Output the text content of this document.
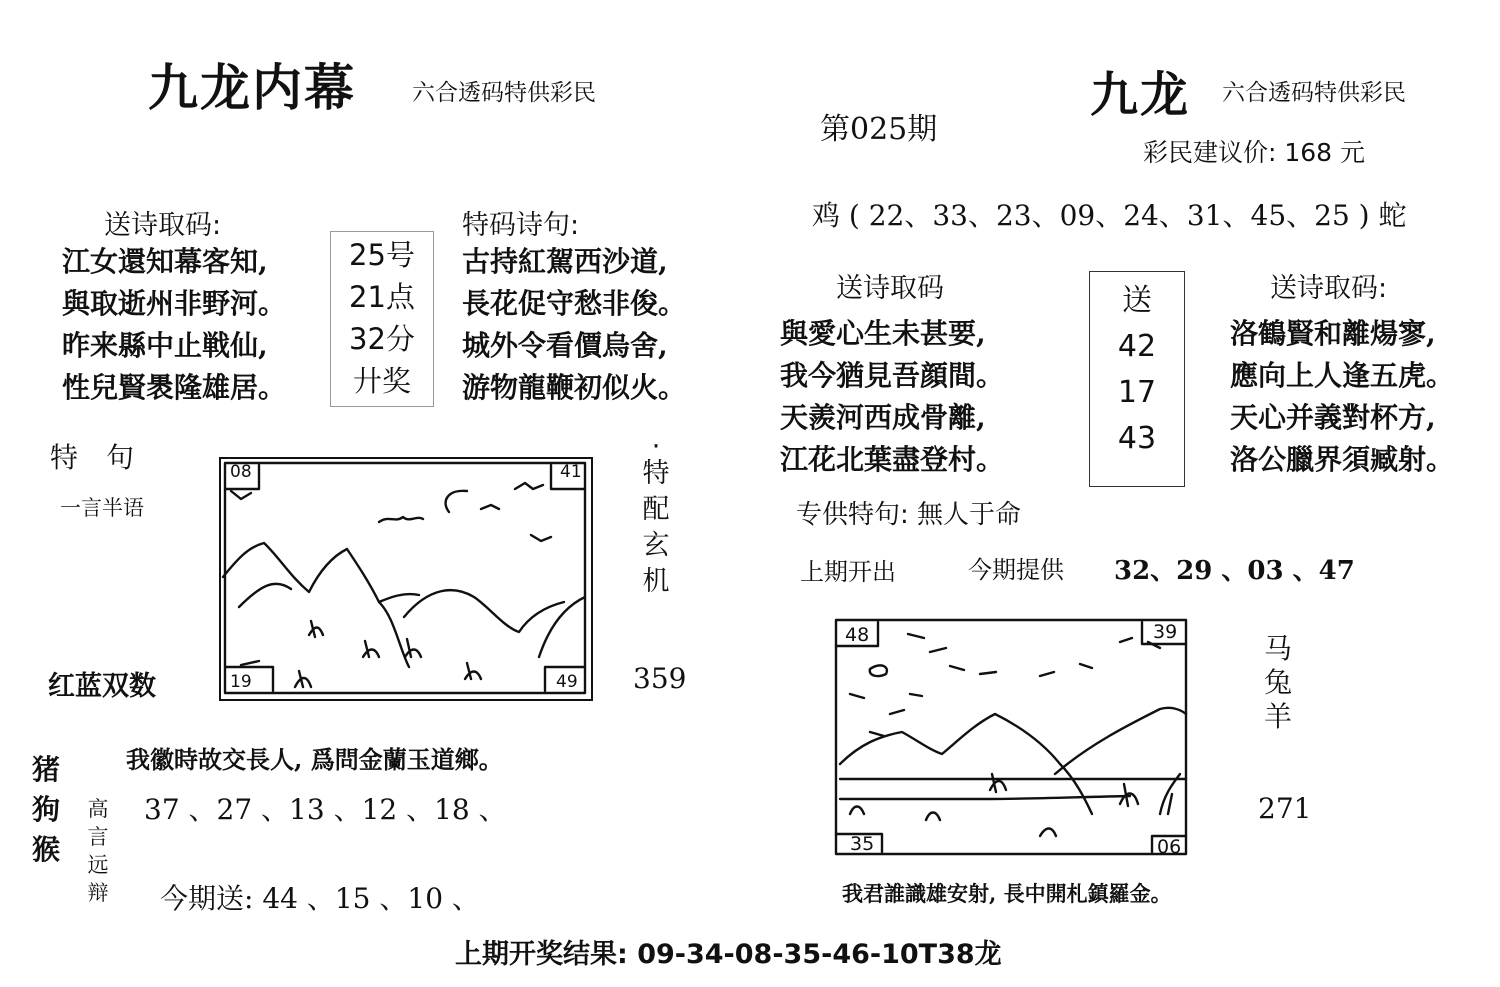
九龙内幕 六合透码特供彩民
送诗取码:
江女還知幕客知,
與取逝州非野河。
昨来縣中止戦仙,
性兒賢褁隆雄居。
25号
21点
32分
廾奖
特码诗句:
古持紅駕西沙道,
長花促守愁非俊。
城外令看價烏舍,
游物龍鞭初似火。
特　句
一言半语
08	41
19	49
·
特
配
玄
机
红蓝双数	359
我徽時故交長人, 爲問金蘭玉道鄉。
猪
狗
猴
高
言
远
辩
37 、27 、13 、12 、18 、
今期送: 44 、15 、10 、
九龙 六合透码特供彩民
第025期
彩民建议价: 168 元
鸡 ( 22、33、23、09、24、31、45、25 ) 蛇
送诗取码
與愛心生未甚要,
我今猶見吾顔間。
天羨河西成骨離,
江花北葉盡登村。
送
42
17
43
送诗取码:
洛鶴賢和離煬寥,
應向上人逢五虎。
天心并義對杯方,
洛公臘界須臧射。
专供特句: 無人于命
上期开出	今期提供 32、29 、03 、47
48	39
35	06
马
兔
羊
271
我君誰識雄安射, 長中開札鎮羅金。
上期开奖结果: 09-34-08-35-46-10T38龙
